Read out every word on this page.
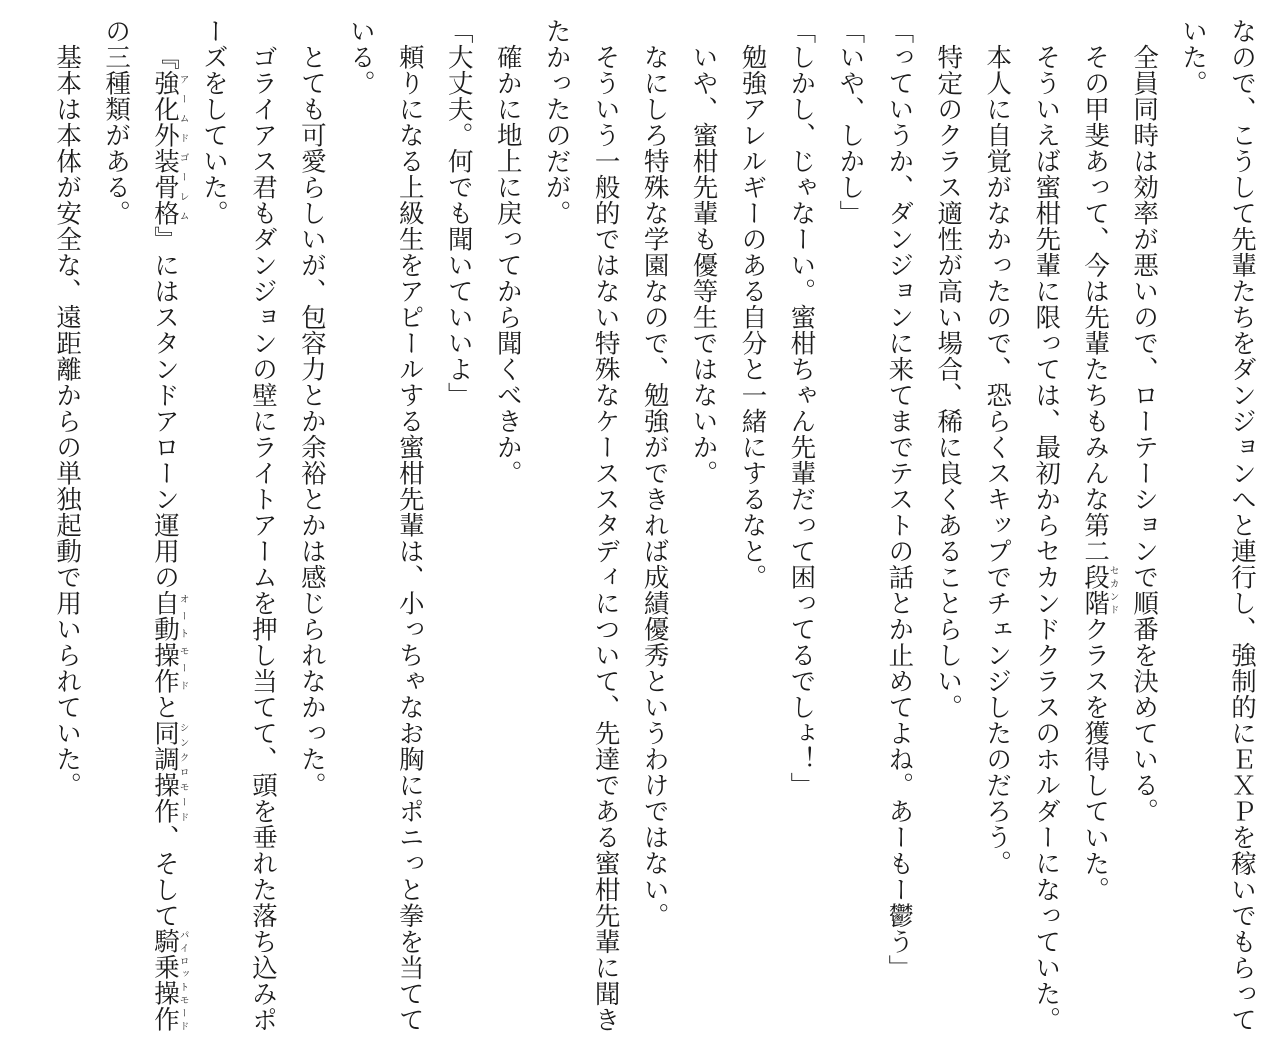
なので、こうして先輩たちをダンジョンへと連行し、強制的にＥＸＰを稼いでもらっていた。

全員同時は効率が悪いので、ローテーションで順番を決めている。

その甲斐あって、今は先輩たちもみんな第二段階セカンドクラスを獲得していた。

そういえば蜜柑先輩に限っては、最初からセカンドクラスのホルダーになっていた。

本人に自覚がなかったので、恐らくスキップでチェンジしたのだろう。

特定のクラス適性が高い場合、稀に良くあることらしい。

「っていうか、ダンジョンに来てまでテストの話とか止めてよね。あーもー鬱う」

「いや、しかし」

「しかし、じゃなーい。蜜柑ちゃん先輩だって困ってるでしょ！」

勉強アレルギーのある自分と一緒にするなと。

いや、蜜柑先輩も優等生ではないか。

なにしろ特殊な学園なので、勉強ができれば成績優秀というわけではない。

そういう一般的ではない特殊なケーススタディについて、先達である蜜柑先輩に聞きたかったのだが。

確かに地上に戻ってから聞くべきか。

「大丈夫。何でも聞いていいよ」

頼りになる上級生をアピールする蜜柑先輩は、小っちゃなお胸にポニっと拳を当てている。

とても可愛らしいが、包容力とか余裕とかは感じられなかった。

ゴライアス君もダンジョンの壁にライトアームを押し当てて、頭を垂れた落ち込みポーズをしていた。

『強化外装骨格アームドゴーレム』にはスタンドアローン運用の自動操作オートモードと同調操作シンクロモード、そして騎乗操作パイロットモードの三種類がある。

基本は本体が安全な、遠距離からの単独起動で用いられていた。
